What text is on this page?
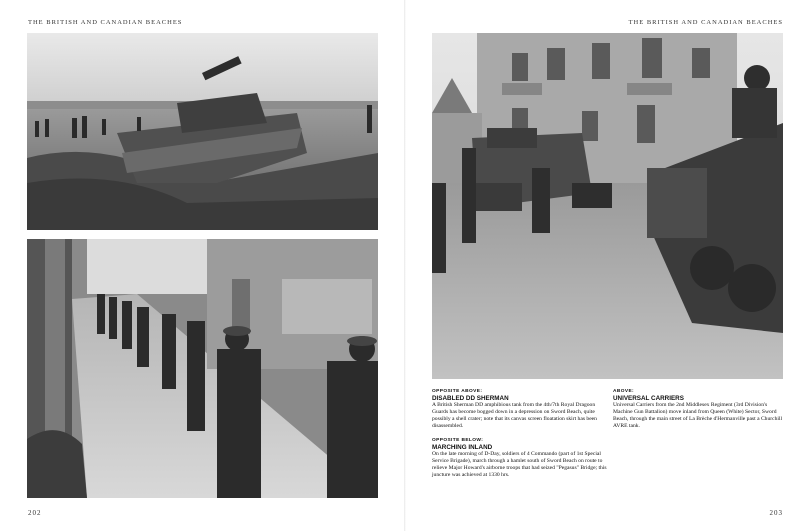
THE BRITISH AND CANADIAN BEACHES
202
THE BRITISH AND CANADIAN BEACHES
OPPOSITE ABOVE:
DISABLED DD SHERMAN
A British Sherman DD amphibious tank from the 4th/7th Royal Dragoon Guards has become bogged down in a depression on Sword Beach, quite possibly a shell crater; note that its canvas screen floatation skirt has been disassembled.
OPPOSITE BELOW:
MARCHING INLAND
On the late morning of D-Day, soldiers of 4 Commando (part of 1st Special Service Brigade), march through a hamlet south of Sword Beach on route to relieve Major Howard's airborne troops that had seized "Pegasus" Bridge; this juncture was achieved at 1330 hrs.
ABOVE:
UNIVERSAL CARRIERS
Universal Carriers from the 2nd Middlesex Regiment (3rd Division's Machine Gun Battalion) move inland from Queen (White) Sector, Sword Beach, through the main street of La Brèche d'Hermanville past a Churchill AVRE tank.
203
